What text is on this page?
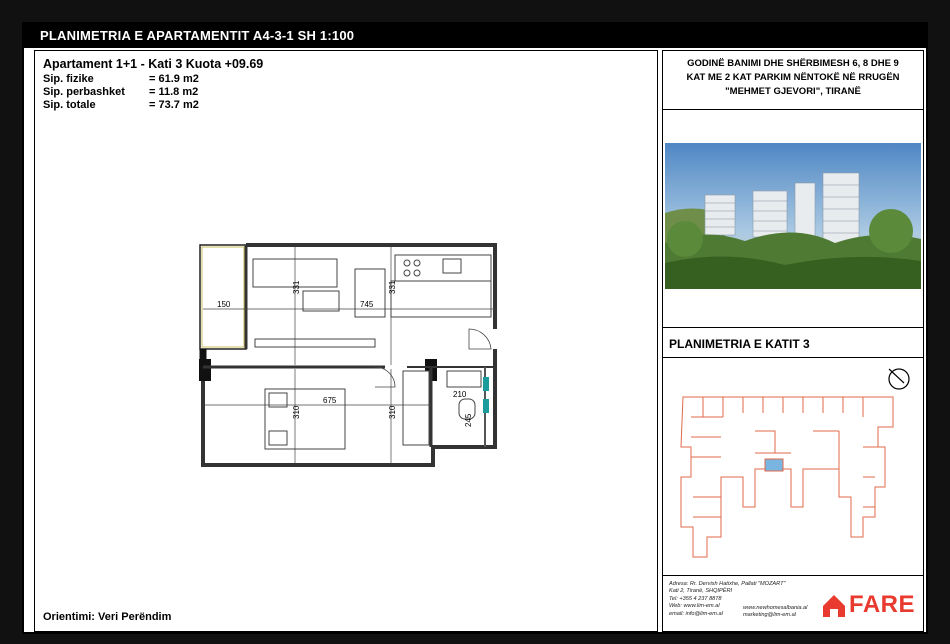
PLANIMETRIA E APARTAMENTIT A4-3-1 SH 1:100
Apartament 1+1 - Kati 3 Kuota +09.69
Sip. fizike	= 61.9 m2
Sip. perbashket	= 11.8 m2
Sip. totale	= 73.7 m2
150
331
745
331
310
675
310
210
245
Orientimi: Veri Perëndim
GODINË BANIMI DHE SHËRBIMESH 6, 8 DHE 9
KAT ME 2 KAT PARKIM NËNTOKË NË RRUGËN
"MEHMET GJEVORI", TIRANË
PLANIMETRIA E KATIT 3
Adresa: Rr. Dervish Hatixhe, Pallati "MOZART"
Kati 2, Tiranë, SHQIPËRI
Tel: +355 4 237 8878
Web: www.lim-em.al
email: info@lim-em.al
www.newhomesalbania.al
marketing@lim-em.al	FARE
